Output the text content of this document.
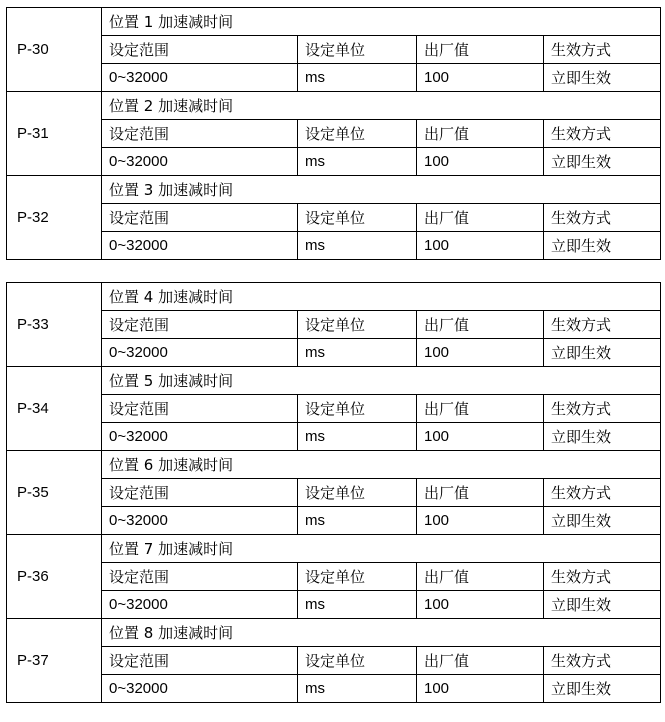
P-30	位置 1 加速减时间			
	设定范围	设定单位	出厂值	生效方式
	0~32000	ms	100	立即生效
P-31	位置 2 加速减时间			
	设定范围	设定单位	出厂值	生效方式
	0~32000	ms	100	立即生效
P-32	位置 3 加速减时间			
	设定范围	设定单位	出厂值	生效方式
	0~32000	ms	100	立即生效
P-33	位置 4 加速减时间			
	设定范围	设定单位	出厂值	生效方式
	0~32000	ms	100	立即生效
P-34	位置 5 加速减时间			
	设定范围	设定单位	出厂值	生效方式
	0~32000	ms	100	立即生效
P-35	位置 6 加速减时间			
	设定范围	设定单位	出厂值	生效方式
	0~32000	ms	100	立即生效
P-36	位置 7 加速减时间			
	设定范围	设定单位	出厂值	生效方式
	0~32000	ms	100	立即生效
P-37	位置 8 加速减时间			
	设定范围	设定单位	出厂值	生效方式
	0~32000	ms	100	立即生效
